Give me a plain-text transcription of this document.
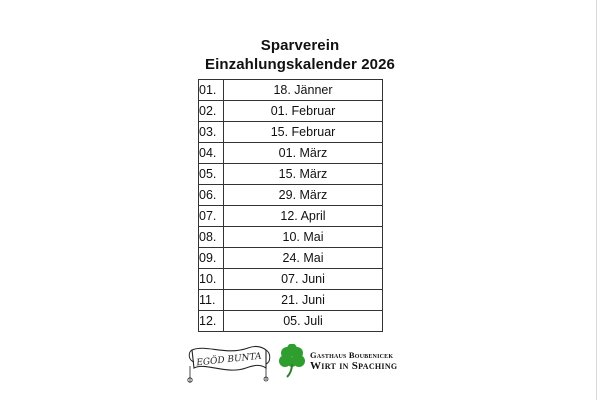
Sparverein
Einzahlungskalender 2026
01.	18. Jänner
02.	01. Februar
03.	15. Februar
04.	01. März
05.	15. März
06.	29. März
07.	12. April
08.	10. Mai
09.	24. Mai
10.	07. Juni
11.	21. Juni
12.	05. Juli
EGÖD BUNTA	Gasthaus Boubenicek
Wirt in Spaching
